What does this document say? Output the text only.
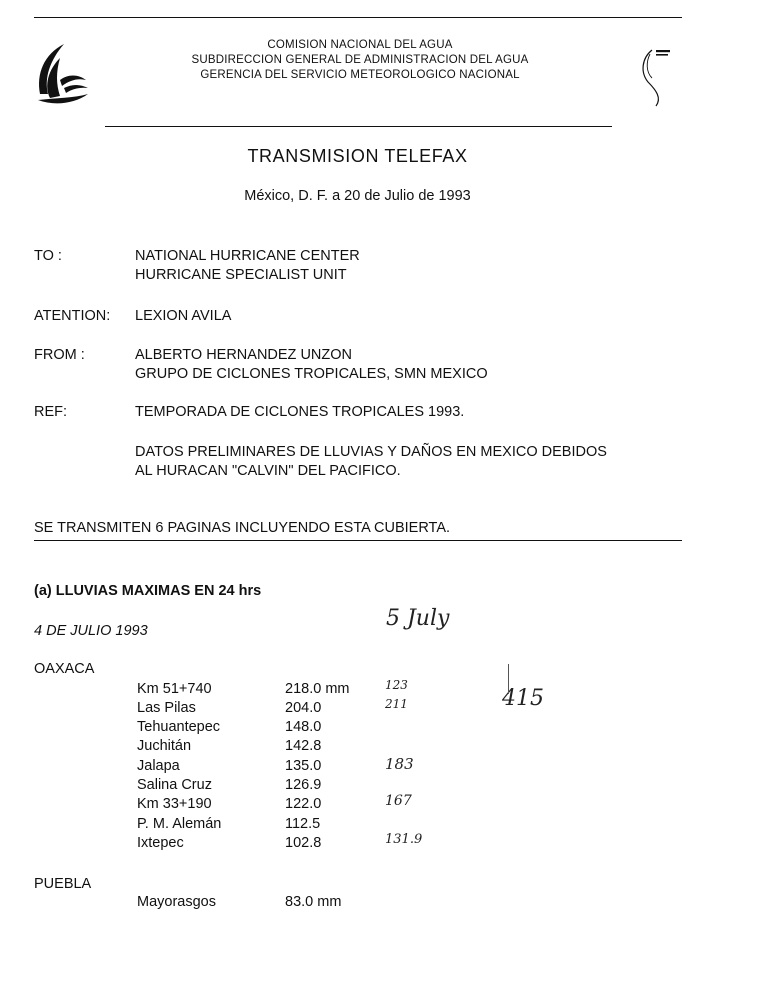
COMISION NACIONAL DEL AGUA
SUBDIRECCION GENERAL DE ADMINISTRACION DEL AGUA
GERENCIA DEL SERVICIO METEOROLOGICO NACIONAL
TRANSMISION TELEFAX
México, D. F. a 20 de Julio de 1993
TO :	NATIONAL HURRICANE CENTER
HURRICANE SPECIALIST UNIT
ATENTION: LEXION AVILA
FROM :	ALBERTO HERNANDEZ UNZON
GRUPO DE CICLONES TROPICALES, SMN MEXICO
REF:	TEMPORADA DE CICLONES TROPICALES 1993.
DATOS PRELIMINARES DE LLUVIAS Y DAÑOS EN MEXICO DEBIDOS
AL HURACAN "CALVIN" DEL PACIFICO.
SE TRANSMITEN 6 PAGINAS INCLUYENDO ESTA CUBIERTA.
(a) LLUVIAS MAXIMAS EN 24 hrs
4 DE JULIO 1993	5 July
415
OAXACA
Km 51+740	218.0 mm	123
Las Pilas	204.0	211
Tehuantepec	148.0
Juchitán	142.8
Jalapa	135.0	183
Salina Cruz	126.9
Km 33+190	122.0	167
P. M. Alemán	112.5
Ixtepec	102.8	131.9
PUEBLA
Mayorasgos	83.0 mm
